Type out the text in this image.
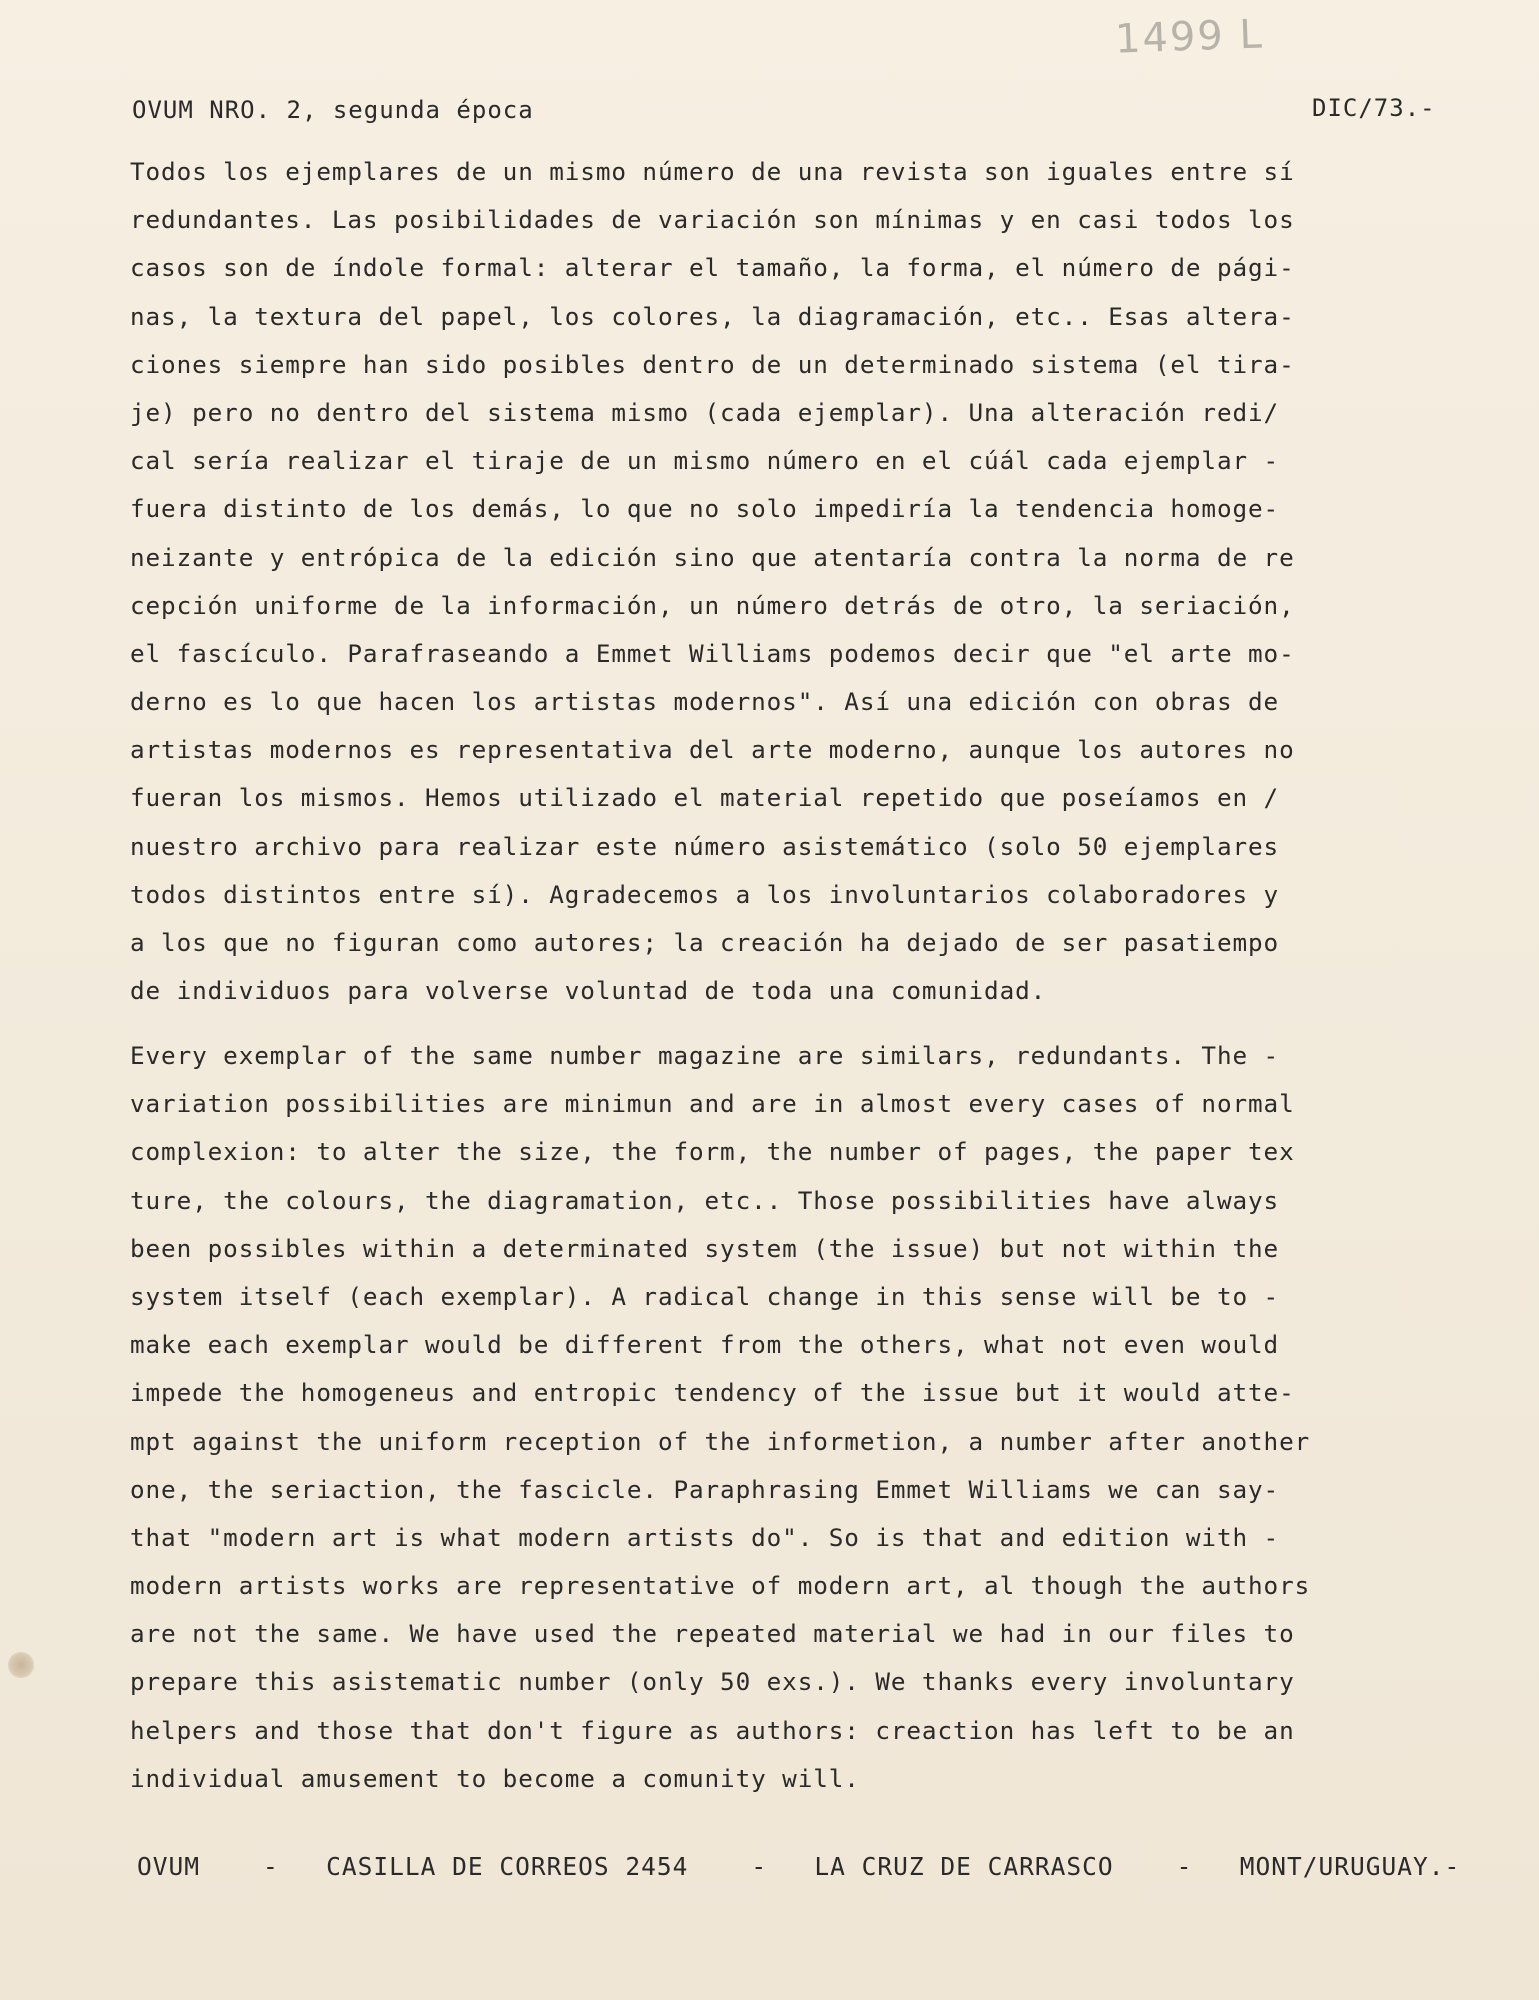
1499 L
OVUM NRO. 2, segunda época	DIC/73.-
Todos los ejemplares de un mismo número de una revista son iguales entre sí
redundantes. Las posibilidades de variación son mínimas y en casi todos los
casos son de índole formal: alterar el tamaño, la forma, el número de pági-
nas, la textura del papel, los colores, la diagramación, etc.. Esas altera-
ciones siempre han sido posibles dentro de un determinado sistema (el tira-
je) pero no dentro del sistema mismo (cada ejemplar). Una alteración redi/
cal sería realizar el tiraje de un mismo número en el cúál cada ejemplar -
fuera distinto de los demás, lo que no solo impediría la tendencia homoge-
neizante y entrópica de la edición sino que atentaría contra la norma de re
cepción uniforme de la información, un número detrás de otro, la seriación,
el fascículo. Parafraseando a Emmet Williams podemos decir que "el arte mo-
derno es lo que hacen los artistas modernos". Así una edición con obras de
artistas modernos es representativa del arte moderno, aunque los autores no
fueran los mismos. Hemos utilizado el material repetido que poseíamos en /
nuestro archivo para realizar este número asistemático (solo 50 ejemplares
todos distintos entre sí). Agradecemos a los involuntarios colaboradores y
a los que no figuran como autores; la creación ha dejado de ser pasatiempo
de individuos para volverse voluntad de toda una comunidad.
Every exemplar of the same number magazine are similars, redundants. The -
variation possibilities are minimun and are in almost every cases of normal
complexion: to alter the size, the form, the number of pages, the paper tex
ture, the colours, the diagramation, etc.. Those possibilities have always
been possibles within a determinated system (the issue) but not within the
system itself (each exemplar). A radical change in this sense will be to -
make each exemplar would be different from the others, what not even would
impede the homogeneus and entropic tendency of the issue but it would atte-
mpt against the uniform reception of the informetion, a number after another
one, the seriaction, the fascicle. Paraphrasing Emmet Williams we can say-
that "modern art is what modern artists do". So is that and edition with -
modern artists works are representative of modern art, al though the authors
are not the same. We have used the repeated material we had in our files to
prepare this asistematic number (only 50 exs.). We thanks every involuntary
helpers and those that don't figure as authors: creaction has left to be an
individual amusement to become a comunity will.
OVUM	- CASILLA DE CORREOS 2454	- LA CRUZ DE CARRASCO	- MONT/URUGUAY.-
